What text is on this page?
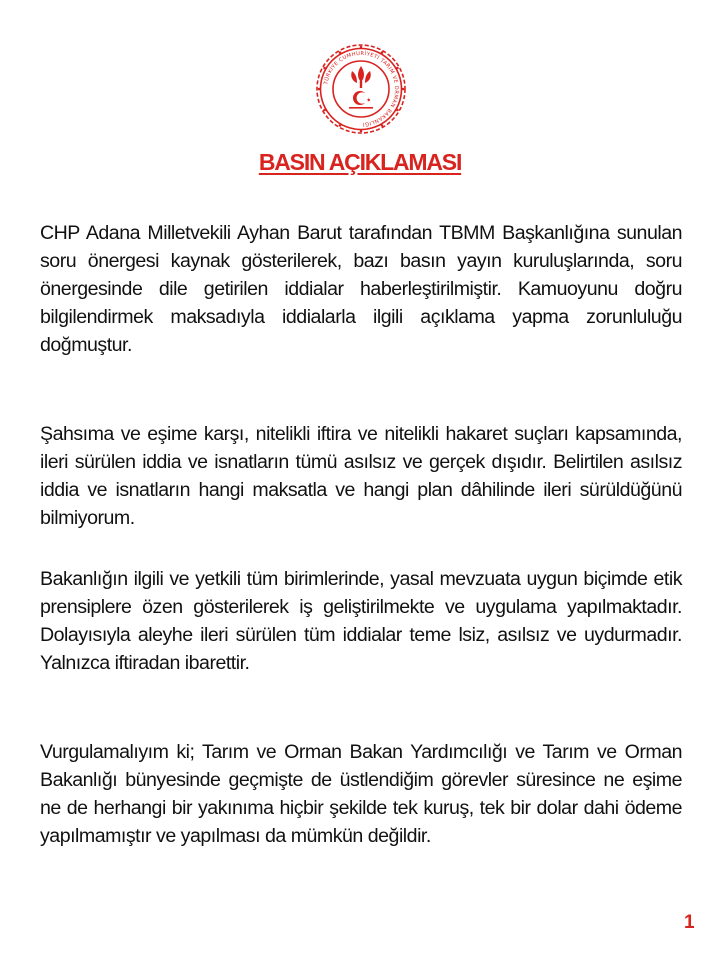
TÜRKİYE CUMHURİYETİ TARIM VE ORMAN BAKANLIĞI
BASIN AÇIKLAMASI

CHP Adana Milletvekili Ayhan Barut tarafından TBMM Başkanlığına sunulan soru önergesi kaynak gösterilerek, bazı basın yayın kuruluşlarında, soru önergesinde dile getirilen iddialar haberleştirilmiştir. Kamuoyunu doğru bilgilendirmek maksadıyla iddialarla ilgili açıklama yapma zorunluluğu doğmuştur.

Şahsıma ve eşime karşı, nitelikli iftira ve nitelikli hakaret suçları kapsamında, ileri sürülen iddia ve isnatların tümü asılsız ve gerçek dışıdır. Belirtilen asılsız iddia ve isnatların hangi maksatla ve hangi plan dâhilinde ileri sürüldüğünü bilmiyorum.

Bakanlığın ilgili ve yetkili tüm birimlerinde, yasal mevzuata uygun biçimde etik prensiplere özen gösterilerek iş geliştirilmekte ve uygulama yapılmaktadır. Dolayısıyla aleyhe ileri sürülen tüm iddialar teme lsiz, asılsız ve uydurmadır. Yalnızca iftiradan ibarettir.

Vurgulamalıyım ki; Tarım ve Orman Bakan Yardımcılığı ve Tarım ve Orman Bakanlığı bünyesinde geçmişte de üstlendiğim görevler süresince ne eşime ne de herhangi bir yakınıma hiçbir şekilde tek kuruş, tek bir dolar dahi ödeme yapılmamıştır ve yapılması da mümkün değildir.

1
